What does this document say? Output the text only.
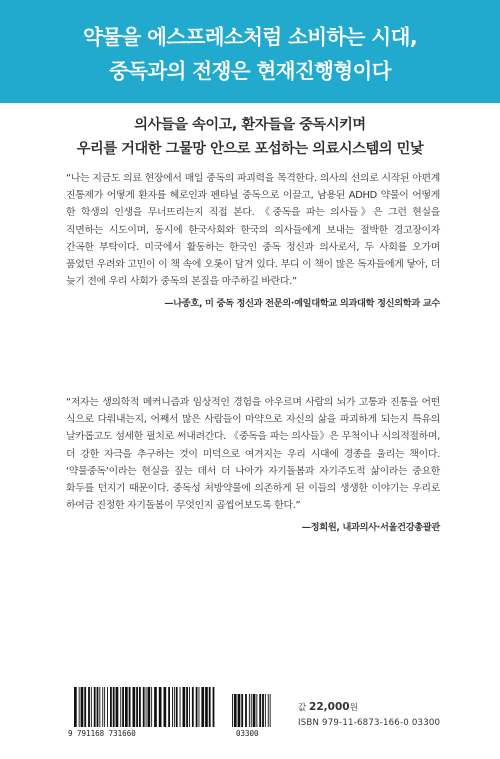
약물을 에스프레소처럼 소비하는 시대,
중독과의 전쟁은 현재진행형이다
의사들을 속이고, 환자들을 중독시키며
우리를 거대한 그물망 안으로 포섭하는 의료시스템의 민낯
“나는 지금도 의료 현장에서 매일 중독의 파괴력을 목격한다. 의사의 선의로 시작된 아편계 진통제가 어떻게 환자를 헤로인과 펜타닐 중독으로 이끌고, 남용된 ADHD 약물이 어떻게 한 학생의 인생을 무너뜨리는지 직접 본다. 《중독을 파는 의사들》은 그런 현실을 직면하는 시도이며, 동시에 한국사회와 한국의 의사들에게 보내는 절박한 경고장이자 간곡한 부탁이다. 미국에서 활동하는 한국인 중독 정신과 의사로서, 두 사회를 오가며 품었던 우려와 고민이 이 책 속에 오롯이 담겨 있다. 부디 이 책이 많은 독자들에게 닿아, 더 늦기 전에 우리 사회가 중독의 본질을 마주하길 바란다.”
—나종호, 미 중독 정신과 전문의·예일대학교 의과대학 정신의학과 교수
“저자는 생의학적 메커니즘과 임상적인 경험을 아우르며 사람의 뇌가 고통과 진통을 어떤 식으로 다뤄내는지, 어째서 많은 사람들이 마약으로 자신의 삶을 파괴하게 되는지 특유의 날카롭고도 섬세한 필치로 써내려간다. 《중독을 파는 의사들》은 무척이나 시의적절하며, 더 강한 자극을 추구하는 것이 미덕으로 여겨지는 우리 시대에 경종을 울리는 책이다. ‘약물중독’이라는 현실을 짚는 데서 더 나아가 자기돌봄과 자기주도적 삶이라는 중요한 화두를 던지기 때문이다. 중독성 처방약물에 의존하게 된 이들의 생생한 이야기는 우리로 하여금 진정한 자기돌봄이 무엇인지 곱씹어보도록 한다.”
—정희원, 내과의사·서울건강총괄관
9 791168 731660	03300
값 22,000원
ISBN 979-11-6873-166-0 03300
